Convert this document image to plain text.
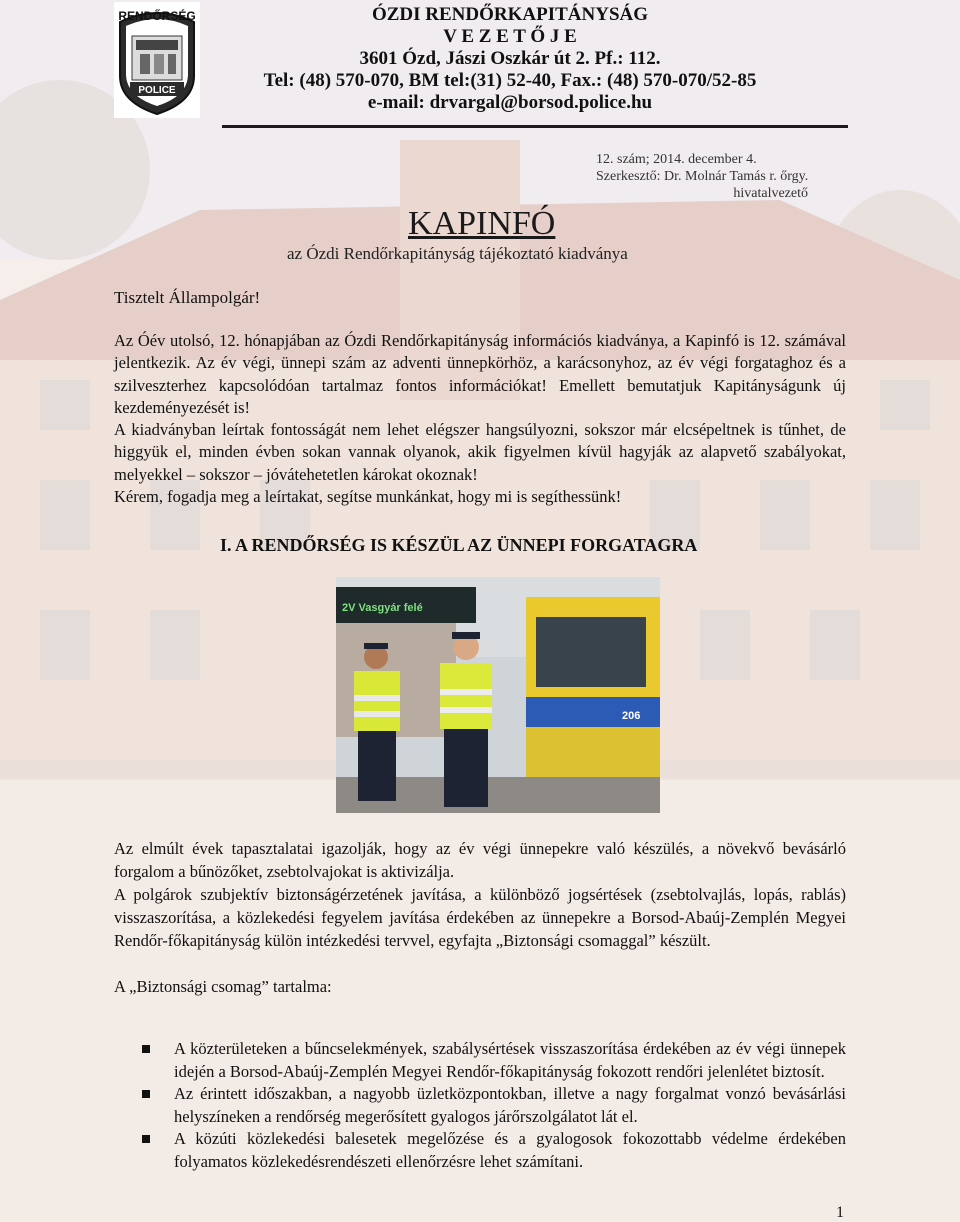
RENDŐRSÉG
POLICE
ÓZDI RENDŐRKAPITÁNYSÁG
V E Z E T Ő J E
3601 Ózd, Jászi Oszkár út 2. Pf.: 112.
Tel: (48) 570-070, BM tel:(31) 52-40, Fax.: (48) 570-070/52-85
e-mail: drvargal@borsod.police.hu
12. szám; 2014. december 4.
Szerkesztő: Dr. Molnár Tamás r. őrgy.
hivatalvezető
KAPINFÓ
az Ózdi Rendőrkapitányság tájékoztató kiadványa
Tisztelt Állampolgár!

Az Óév utolsó, 12. hónapjában az Ózdi Rendőrkapitányság információs kiadványa, a Kapinfó is 12. számával jelentkezik. Az év végi, ünnepi szám az adventi ünnepkörhöz, a karácsonyhoz, az év végi forgataghoz és a szilveszterhez kapcsolódóan tartalmaz fontos információkat! Emellett bemutatjuk Kapitányságunk új kezdeményezését is!

A kiadványban leírtak fontosságát nem lehet elégszer hangsúlyozni, sokszor már elcsépeltnek is tűnhet, de higgyük el, minden évben sokan vannak olyanok, akik figyelmen kívül hagyják az alapvető szabályokat, melyekkel – sokszor – jóvátehetetlen károkat okoznak!

Kérem, fogadja meg a leírtakat, segítse munkánkat, hogy mi is segíthessünk!

I. A RENDŐRSÉG IS KÉSZÜL AZ ÜNNEPI FORGATAGRA
2V Vasgyár felé
206

Az elmúlt évek tapasztalatai igazolják, hogy az év végi ünnepekre való készülés, a növekvő bevásárló forgalom a bűnözőket, zsebtolvajokat is aktivizálja.

A polgárok szubjektív biztonságérzetének javítása, a különböző jogsértések (zsebtolvajlás, lopás, rablás) visszaszorítása, a közlekedési fegyelem javítása érdekében az ünnepekre a Borsod-Abaúj-Zemplén Megyei Rendőr-főkapitányság külön intézkedési tervvel, egyfajta „Biztonsági csomaggal” készült.

A „Biztonsági csomag” tartalma:

A közterületeken a bűncselekmények, szabálysértések visszaszorítása érdekében az év végi ünnepek idején a Borsod-Abaúj-Zemplén Megyei Rendőr-főkapitányság fokozott rendőri jelenlétet biztosít.
Az érintett időszakban, a nagyobb üzletközpontokban, illetve a nagy forgalmat vonzó bevásárlási helyszíneken a rendőrség megerősített gyalogos járőrszolgálatot lát el.
A közúti közlekedési balesetek megelőzése és a gyalogosok fokozottabb védelme érdekében folyamatos közlekedésrendészeti ellenőrzésre lehet számítani.
1
